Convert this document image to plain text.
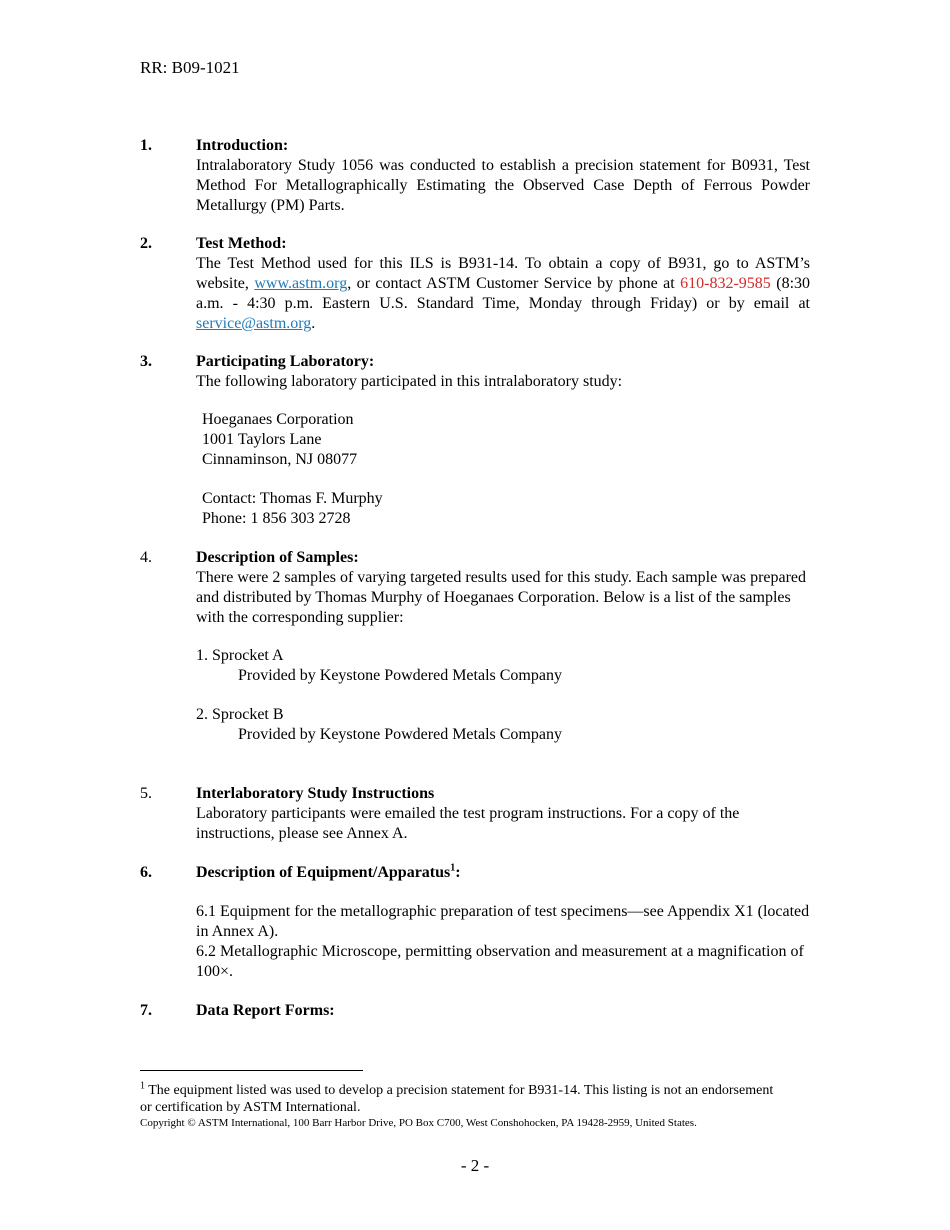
RR: B09-1021
1.	Introduction:
Intralaboratory Study 1056 was conducted to establish a precision statement for B0931, Test Method For Metallographically Estimating the Observed Case Depth of Ferrous Powder Metallurgy (PM) Parts.
2.	Test Method:
The Test Method used for this ILS is B931-14. To obtain a copy of B931, go to ASTM’s website, www.astm.org, or contact ASTM Customer Service by phone at 610-832-9585 (8:30 a.m. - 4:30 p.m. Eastern U.S. Standard Time, Monday through Friday) or by email at service@astm.org.
3.	Participating Laboratory:
The following laboratory participated in this intralaboratory study:
Hoeganaes Corporation
1001 Taylors Lane
Cinnaminson, NJ 08077
Contact: Thomas F. Murphy
Phone: 1 856 303 2728
4.	Description of Samples:
There were 2 samples of varying targeted results used for this study. Each sample was prepared and distributed by Thomas Murphy of Hoeganaes Corporation. Below is a list of the samples with the corresponding supplier:
1. Sprocket A
Provided by Keystone Powdered Metals Company
2. Sprocket B
Provided by Keystone Powdered Metals Company
5.	Interlaboratory Study Instructions
Laboratory participants were emailed the test program instructions. For a copy of the instructions, please see Annex A.
6.	Description of Equipment/Apparatus$^1$:
6.1 Equipment for the metallographic preparation of test specimens—see Appendix X1 (located in Annex A).
6.2 Metallographic Microscope, permitting observation and measurement at a magnification of 100×.
7.	Data Report Forms:
$^1$ The equipment listed was used to develop a precision statement for B931-14. This listing is not an endorsement or certification by ASTM International.
Copyright © ASTM International, 100 Barr Harbor Drive, PO Box C700, West Conshohocken, PA 19428-2959, United States.
- 2 -
